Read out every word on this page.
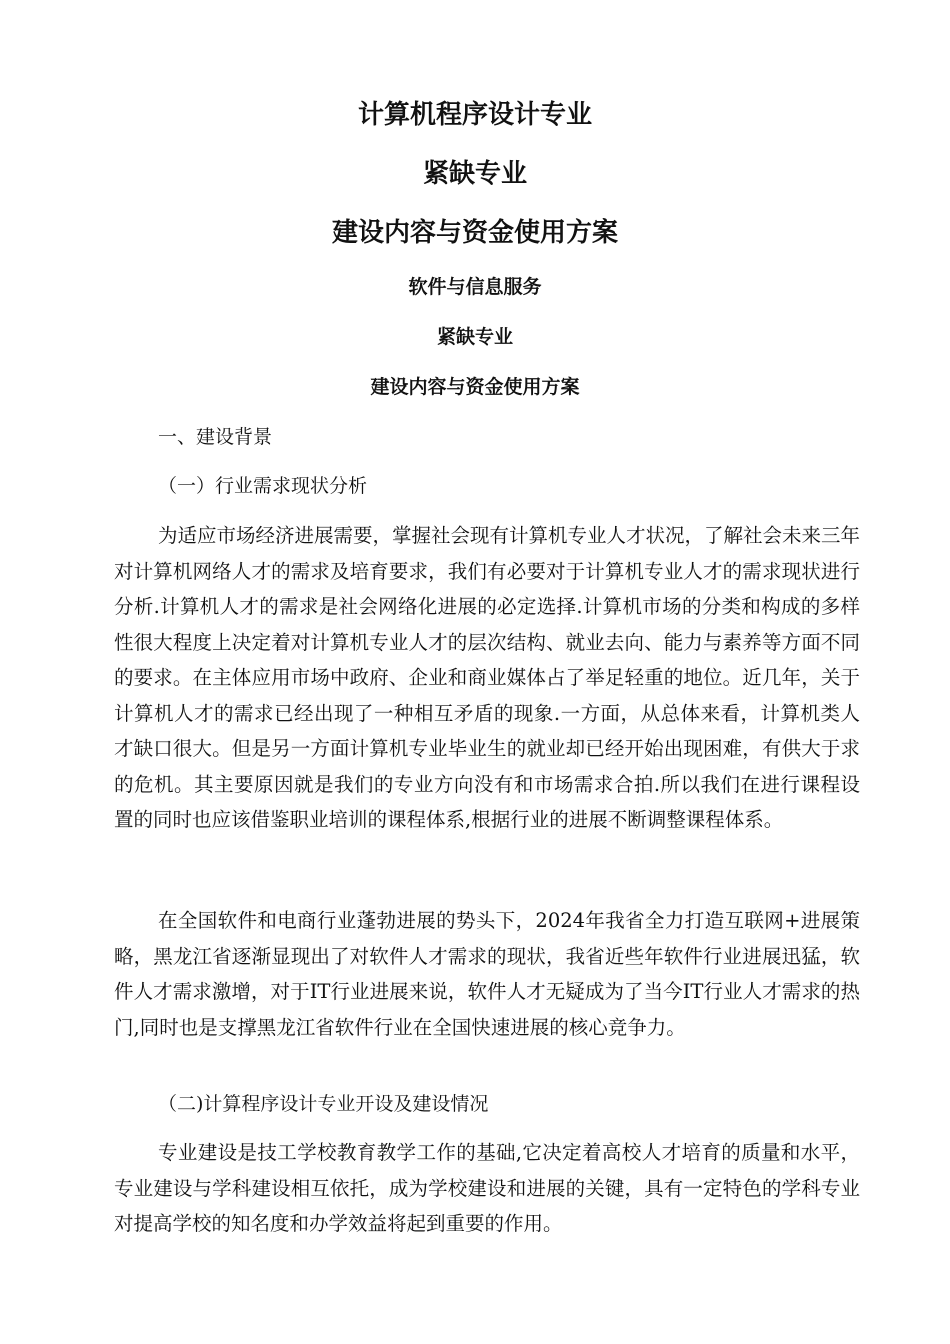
计算机程序设计专业
紧缺专业
建设内容与资金使用方案
软件与信息服务
紧缺专业
建设内容与资金使用方案

一、建设背景

（一）行业需求现状分析

为适应市场经济进展需要，掌握社会现有计算机专业人才状况，了解社会未来三年对计算机网络人才的需求及培育要求，我们有必要对于计算机专业人才的需求现状进行分析.计算机人才的需求是社会网络化进展的必定选择.计算机市场的分类和构成的多样性很大程度上决定着对计算机专业人才的层次结构、就业去向、能力与素养等方面不同的要求。在主体应用市场中政府、企业和商业媒体占了举足轻重的地位。近几年，关于计算机人才的需求已经出现了一种相互矛盾的现象.一方面，从总体来看，计算机类人才缺口很大。但是另一方面计算机专业毕业生的就业却已经开始出现困难，有供大于求的危机。其主要原因就是我们的专业方向没有和市场需求合拍.所以我们在进行课程设置的同时也应该借鉴职业培训的课程体系,根据行业的进展不断调整课程体系。

在全国软件和电商行业蓬勃进展的势头下，2024年我省全力打造互联网+进展策略，黑龙江省逐渐显现出了对软件人才需求的现状，我省近些年软件行业进展迅猛，软件人才需求激增，对于IT行业进展来说，软件人才无疑成为了当今IT行业人才需求的热门,同时也是支撑黑龙江省软件行业在全国快速进展的核心竞争力。

（二)计算程序设计专业开设及建设情况

专业建设是技工学校教育教学工作的基础,它决定着高校人才培育的质量和水平，专业建设与学科建设相互依托，成为学校建设和进展的关键，具有一定特色的学科专业对提高学校的知名度和办学效益将起到重要的作用。
